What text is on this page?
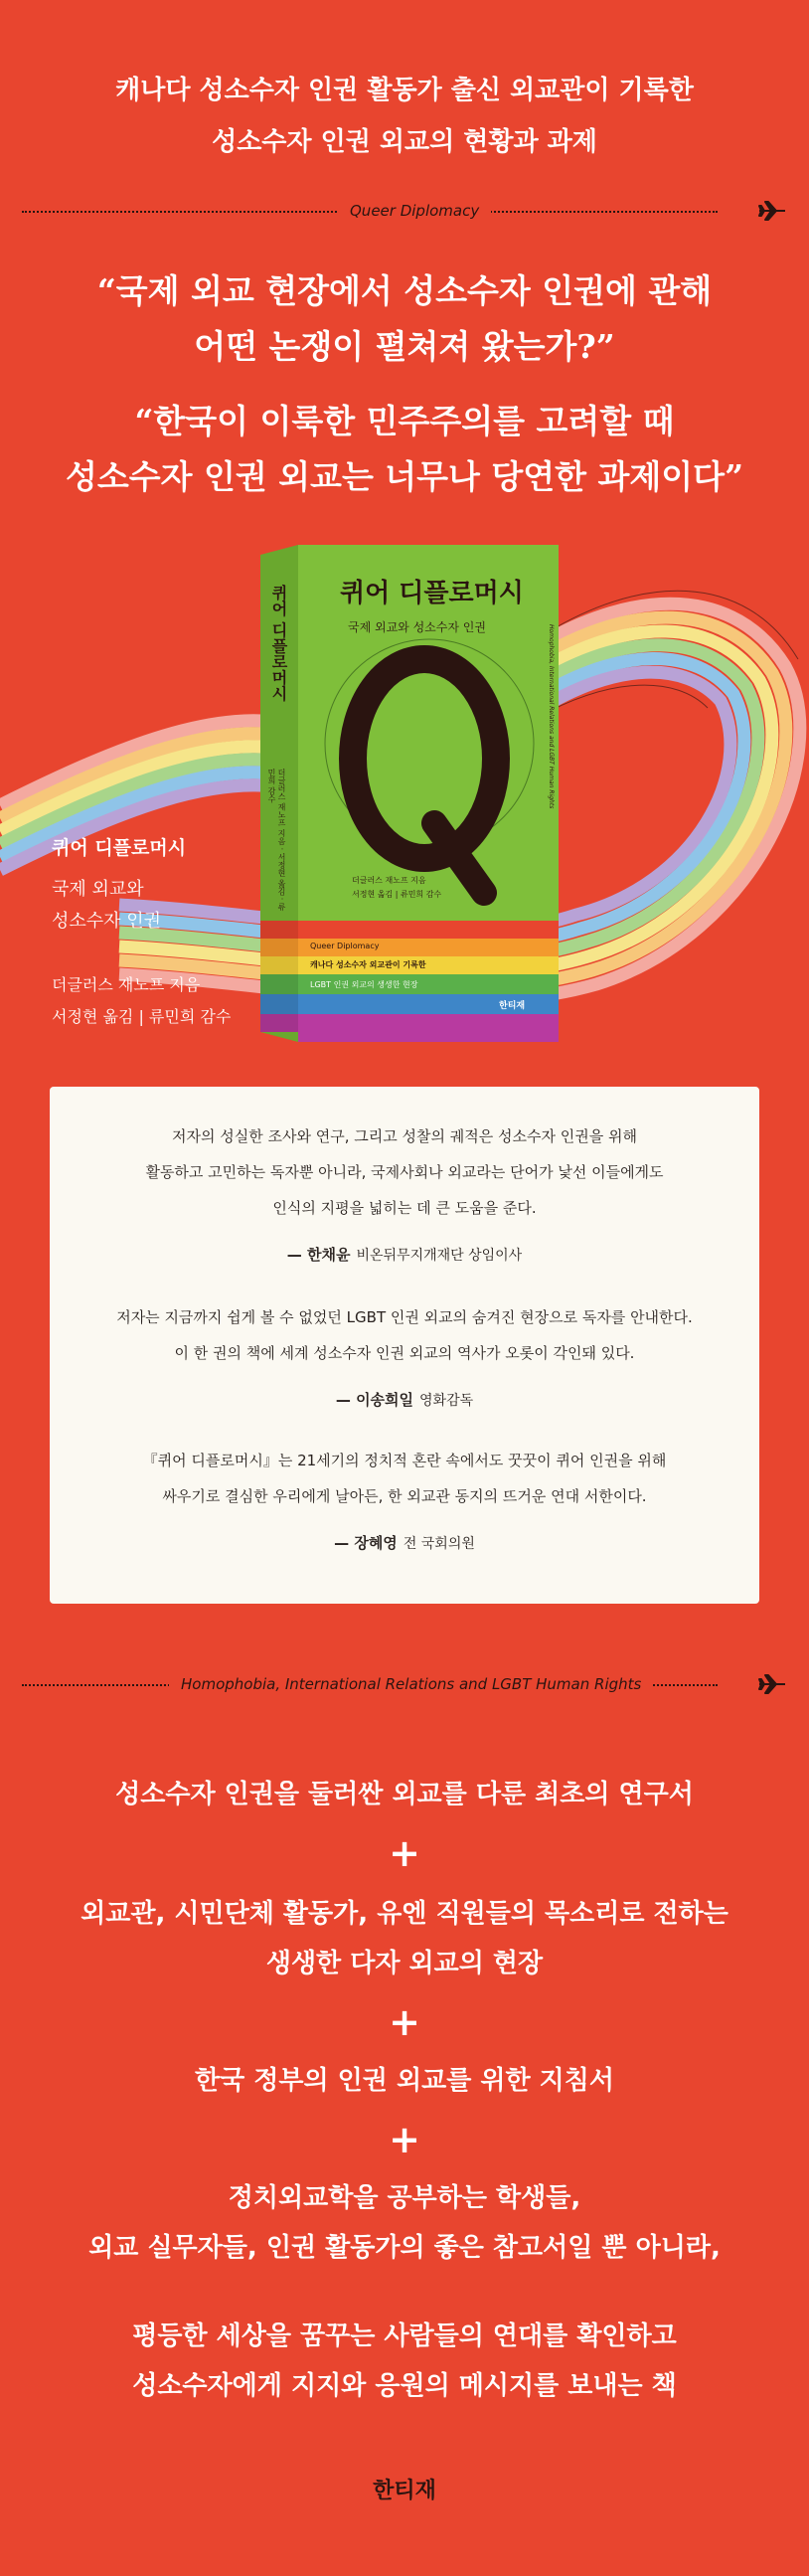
캐나다 성소수자 인권 활동가 출신 외교관이 기록한
성소수자 인권 외교의 현황과 과제
Queer Diplomacy
“국제 외교 현장에서 성소수자 인권에 관해
어떤 논쟁이 펼쳐져 왔는가?”
“한국이 이룩한 민주주의를 고려할 때
성소수자 인권 외교는 너무나 당연한 과제이다”
퀴어 디플로머시
국제 외교와 성소수자 인권
더글러스 재노프 지음
서정현 옮김 | 류민희 감수
Queer Diplomacy
캐나다 성소수자 외교관이 기록한
LGBT 인권 외교의 생생한 현장
한티재
퀴어 디플로머시
더글러스 재노프 지음 · 서정현 옮김 · 류민희 감수	Homophobia, International Relations and LGBT Human Rights
퀴어 디플로머시
국제 외교와
성소수자 인권
더글러스 재노프 지음
서정현 옮김 | 류민희 감수
저자의 성실한 조사와 연구, 그리고 성찰의 궤적은 성소수자 인권을 위해
활동하고 고민하는 독자뿐 아니라, 국제사회나 외교라는 단어가 낯선 이들에게도
인식의 지평을 넓히는 데 큰 도움을 준다.
— 한채윤 비온뒤무지개재단 상임이사
저자는 지금까지 쉽게 볼 수 없었던 LGBT 인권 외교의 숨겨진 현장으로 독자를 안내한다.
이 한 권의 책에 세계 성소수자 인권 외교의 역사가 오롯이 각인돼 있다.
— 이송희일 영화감독
『퀴어 디플로머시』는 21세기의 정치적 혼란 속에서도 꿋꿋이 퀴어 인권을 위해
싸우기로 결심한 우리에게 날아든, 한 외교관 동지의 뜨거운 연대 서한이다.
— 장혜영 전 국회의원
Homophobia, International Relations and LGBT Human Rights
성소수자 인권을 둘러싼 외교를 다룬 최초의 연구서
+
외교관, 시민단체 활동가, 유엔 직원들의 목소리로 전하는
생생한 다자 외교의 현장
+
한국 정부의 인권 외교를 위한 지침서
+
정치외교학을 공부하는 학생들,
외교 실무자들, 인권 활동가의 좋은 참고서일 뿐 아니라,
평등한 세상을 꿈꾸는 사람들의 연대를 확인하고
성소수자에게 지지와 응원의 메시지를 보내는 책
한티재
